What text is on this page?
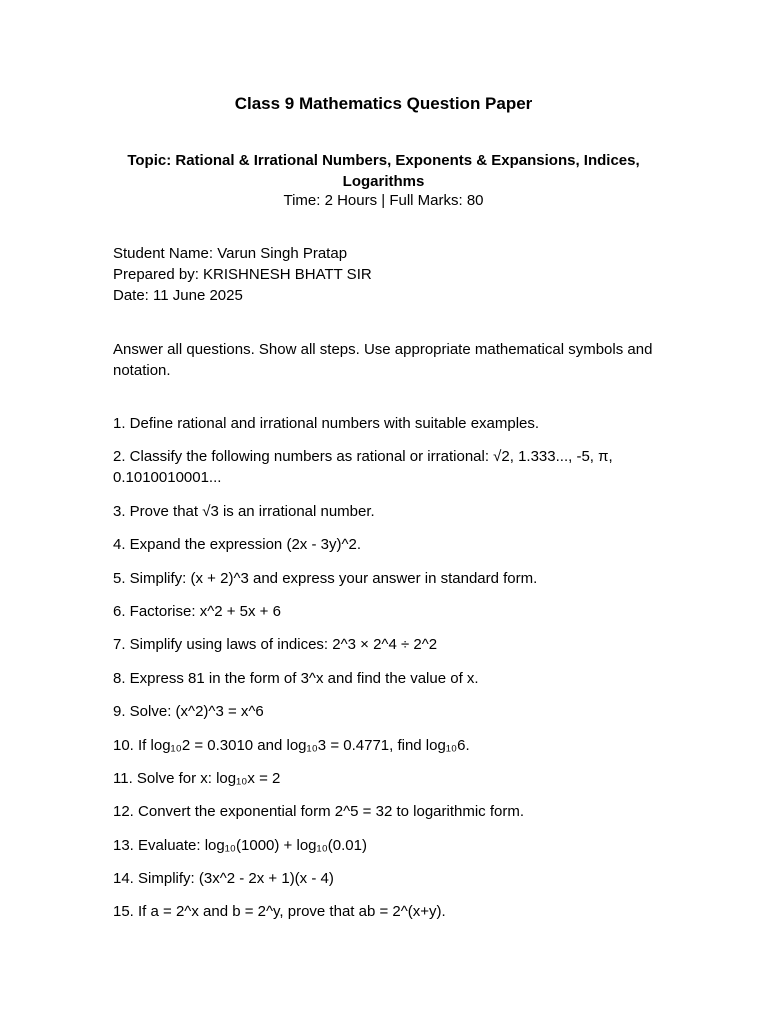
Class 9 Mathematics Question Paper

Topic: Rational & Irrational Numbers, Exponents & Expansions, Indices, Logarithms

Time: 2 Hours | Full Marks: 80

Student Name: Varun Singh Pratap
Prepared by: KRISHNESH BHATT SIR
Date: 11 June 2025

Answer all questions. Show all steps. Use appropriate mathematical symbols and notation.

1. Define rational and irrational numbers with suitable examples.
2. Classify the following numbers as rational or irrational: √2, 1.333..., -5, π, 0.1010010001...
3. Prove that √3 is an irrational number.
4. Expand the expression (2x - 3y)^2.
5. Simplify: (x + 2)^3 and express your answer in standard form.
6. Factorise: x^2 + 5x + 6
7. Simplify using laws of indices: 2^3 × 2^4 ÷ 2^2
8. Express 81 in the form of 3^x and find the value of x.
9. Solve: (x^2)^3 = x^6
10. If log₁₀2 = 0.3010 and log₁₀3 = 0.4771, find log₁₀6.
11. Solve for x: log₁₀x = 2
12. Convert the exponential form 2^5 = 32 to logarithmic form.
13. Evaluate: log₁₀(1000) + log₁₀(0.01)
14. Simplify: (3x^2 - 2x + 1)(x - 4)
15. If a = 2^x and b = 2^y, prove that ab = 2^(x+y).
